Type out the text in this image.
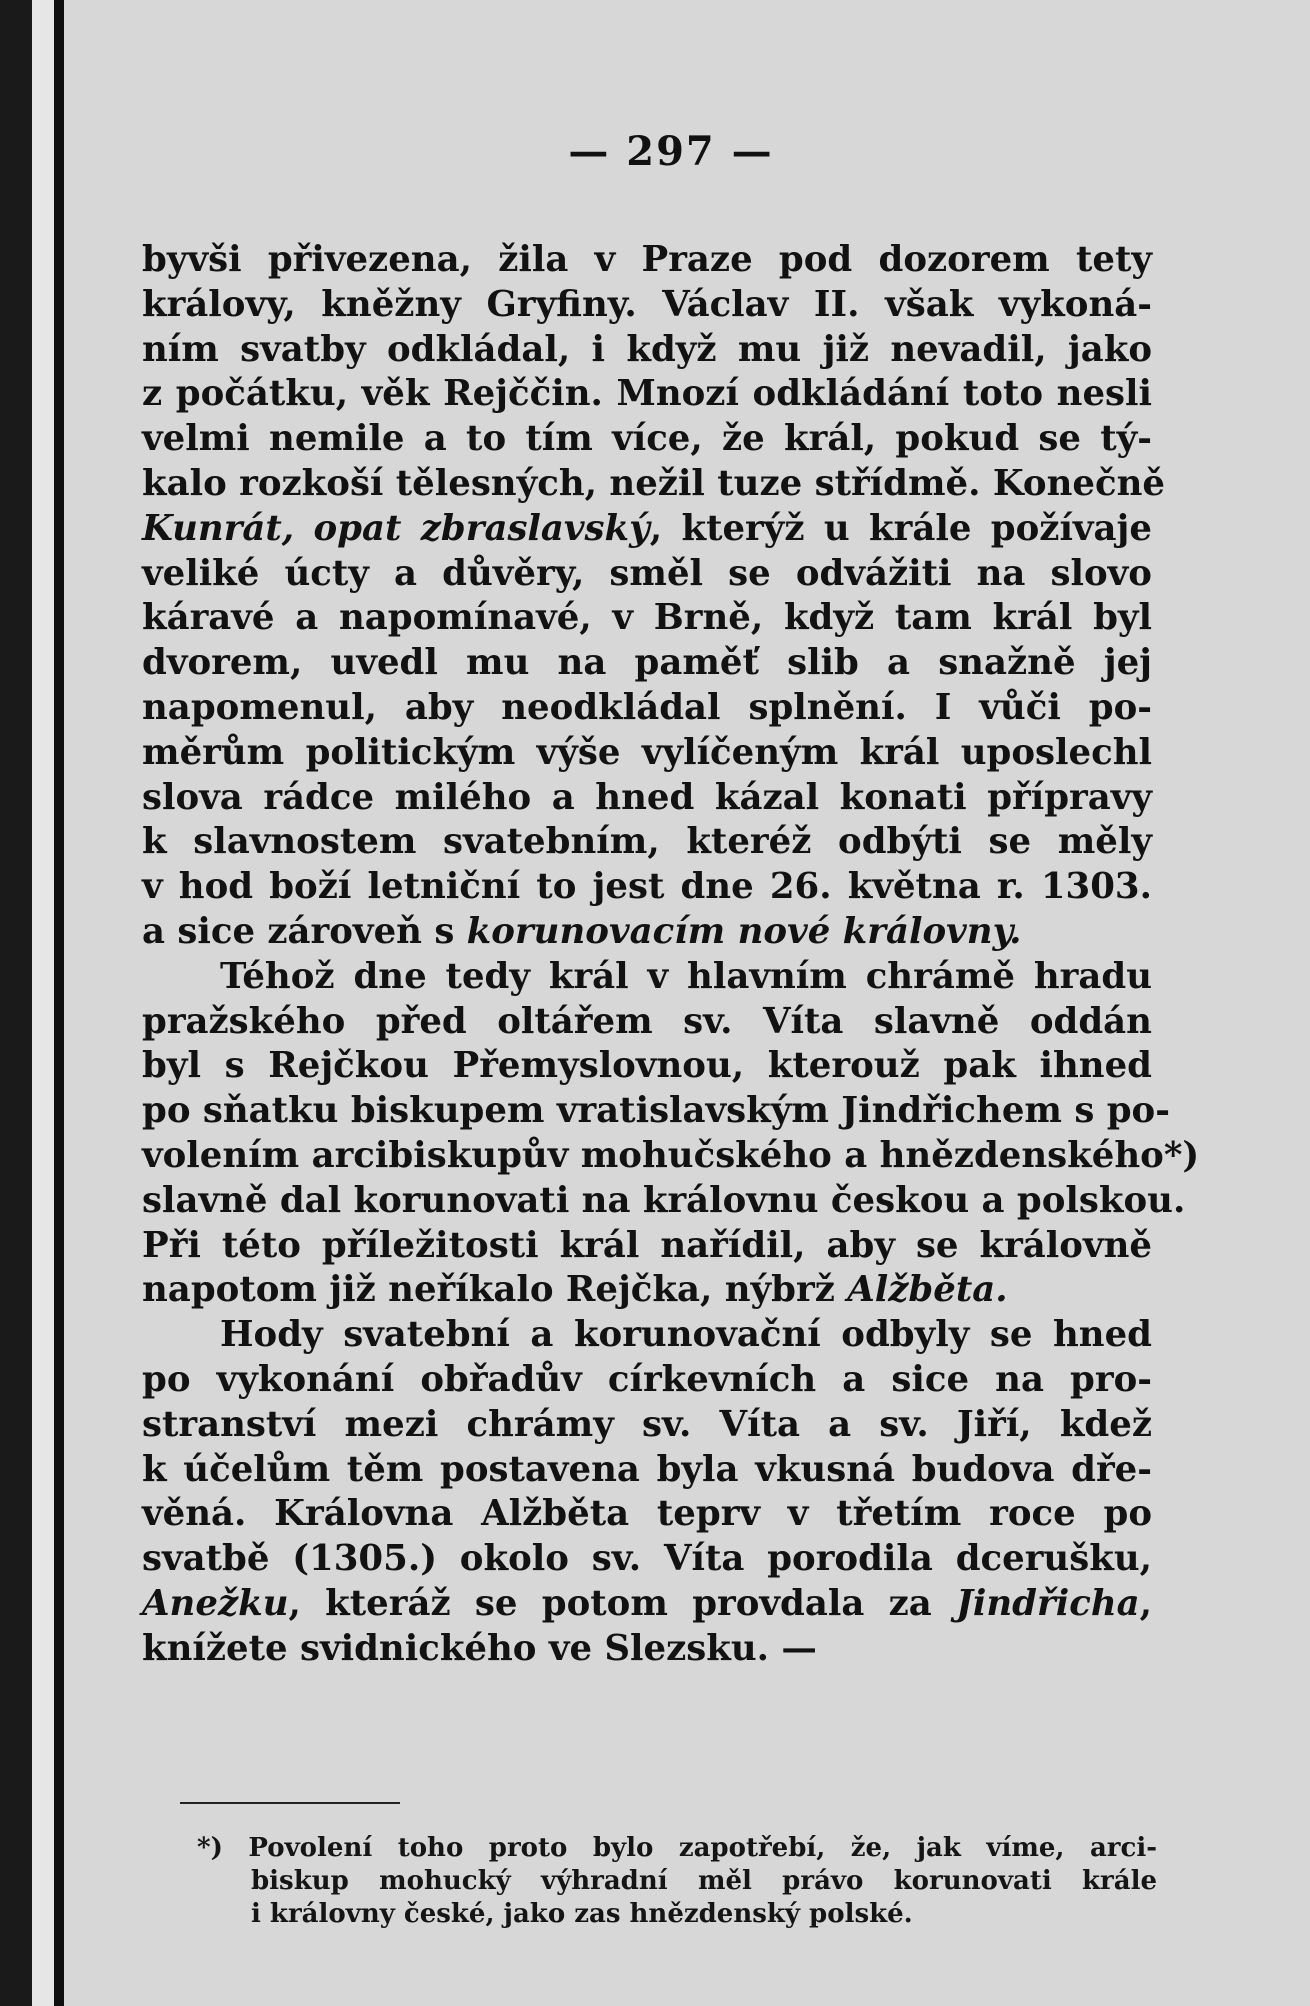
— 297 —
byvši přivezena, žila v Praze pod dozorem tety
královy, kněžny Gryfiny. Václav II. však vykoná-
ním svatby odkládal, i když mu již nevadil, jako
z počátku, věk Rejččin. Mnozí odkládání toto nesli
velmi nemile a to tím více, že král, pokud se tý-
kalo rozkoší tělesných, nežil tuze střídmě. Konečně
Kunrát, opat zbraslavský, kterýž u krále požívaje
veliké úcty a důvěry, směl se odvážiti na slovo
káravé a napomínavé, v Brně, když tam král byl
dvorem, uvedl mu na paměť slib a snažně jej
napomenul, aby neodkládal splnění. I vůči po-
měrům politickým výše vylíčeným král uposlechl
slova rádce milého a hned kázal konati přípravy
k slavnostem svatebním, kteréž odbýti se měly
v hod boží letniční to jest dne 26. května r. 1303.
a sice zároveň s korunovacím nové královny.
Téhož dne tedy král v hlavním chrámě hradu
pražského před oltářem sv. Víta slavně oddán
byl s Rejčkou Přemyslovnou, kterouž pak ihned
po sňatku biskupem vratislavským Jindřichem s po-
volením arcibiskupův mohučského a hnězdenského*)
slavně dal korunovati na královnu českou a polskou.
Při této příležitosti král nařídil, aby se královně
napotom již neříkalo Rejčka, nýbrž Alžběta.
Hody svatební a korunovační odbyly se hned
po vykonání obřadův církevních a sice na pro-
stranství mezi chrámy sv. Víta a sv. Jiří, kdež
k účelům těm postavena byla vkusná budova dře-
věná. Královna Alžběta teprv v třetím roce po
svatbě (1305.) okolo sv. Víta porodila dcerušku,
Anežku, kteráž se potom provdala za Jindřicha,
knížete svidnického ve Slezsku. —
*) Povolení toho proto bylo zapotřebí, že, jak víme, arci-
biskup mohucký výhradní měl právo korunovati krále
i královny české, jako zas hnězdenský polské.
